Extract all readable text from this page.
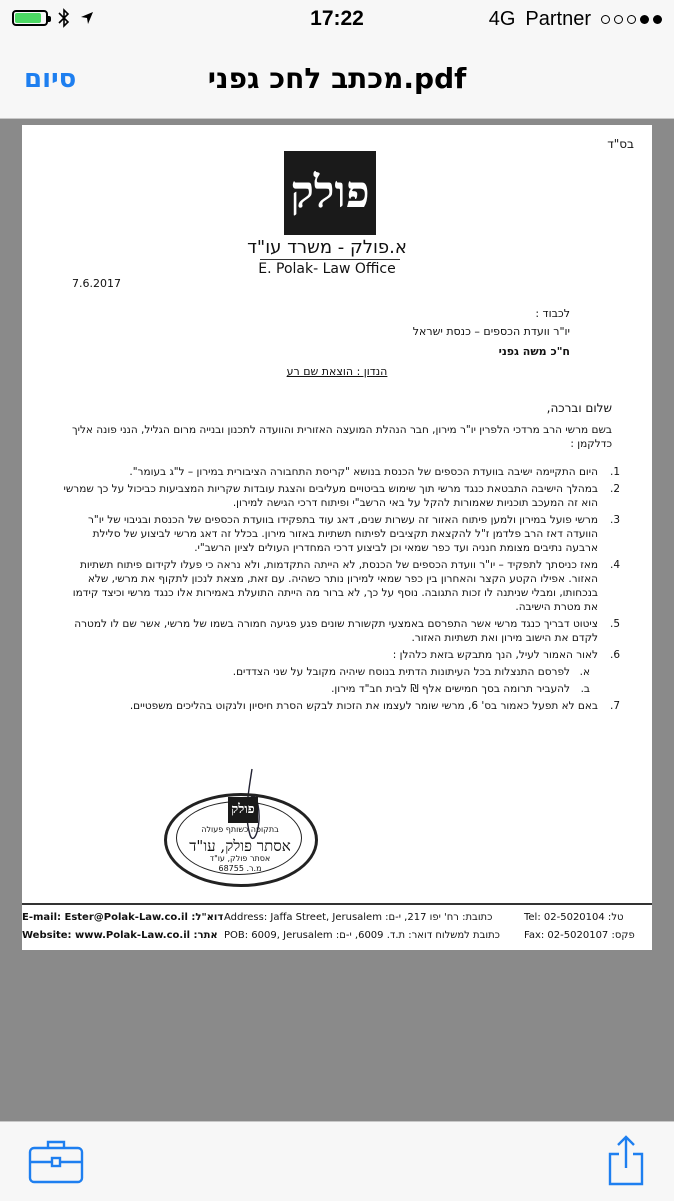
17:22	4G Partner
סיום	מכתב לחכ גפני.pdf
בס"ד
פולק
א.פולק - משרד עו"ד
E. Polak- Law Office
7.6.2017
לכבוד :
יו"ר וועדת הכספים – כנסת ישראל
ח"כ משה גפני
הנדון : הוצאת שם רע
שלום וברכה,
בשם מרשי הרב מרדכי הלפרין יו"ר מירון, חבר הנהלת המועצה האזורית והוועדה לתכנון ובנייה מרום הגליל, הנני פונה אליך כדלקמן :
1.
היום התקיימה ישיבה בוועדת הכספים של הכנסת בנושא "קריסת התחבורה הציבורית במירון – ל"ג בעומר".
2.
במהלך הישיבה התבטאת כנגד מרשי תוך שימוש בביטויים מעליבים והצגת עובדות שקריות המצביעות כביכול על כך שמרשי הוא זה המעכב תוכניות שאמורות להקל על באי הרשב"י ופיתוח דרכי הגישה למירון.
3.
מרשי פועל במירון ולמען פיתוח האזור זה עשרות שנים, דאג עוד בתפקידו בוועדת הכספים של הכנסת ובגיבוי של יו"ר הוועדה דאז הרב פלדמן ז"ל להקצאת תקציבים לפיתוח תשתיות באזור מירון. בכלל זה דאג מרשי לביצוע של סלילת ארבעה נתיבים מצומת חנניה ועד כפר שמאי וכן לביצוע דרכי המחדרין העולים לציון הרשב"י.
4.
מאז כניסתך לתפקיד – יו"ר וועדת הכספים של הכנסת, לא הייתה התקדמות, ולא נראה כי פעלו לקידום פיתוח תשתיות האזור. אפילו הקטע הקצר והאחרון בין כפר שמאי למירון נותר כשהיה. עם זאת, מצאת לנכון לתקוף את מרשי, שלא בנכחותו, ומבלי שניתנה לו זכות התגובה. נוסף על כך, לא ברור מה הייתה התועלת באמירות אלו כנגד מרשי וכיצד קידמו את מטרת הישיבה.
5.
ציטוט דבריך כנגד מרשי אשר התפרסם באמצעי תקשורת שונים פגע פגיעה חמורה בשמו של מרשי, אשר שם לו למטרה לקדם את הישוב מירון ואת תשתיות האזור.
6.
לאור האמור לעיל, הנך מתבקש בזאת כלהלן :
א.
לפרסם התנצלות בכל העיתונות הדתית בנוסח שיהיה מקובל על שני הצדדים.
ב.
להעביר תרומה בסך חמישים אלף ₪ לבית חב"ד מירון.
7.
באם לא תפעל כאמור בס' 6, מרשי שומר לעצמו את הזכות לבקש הסרת חיסיון ולנקוט בהליכים משפטיים.
פולק
בתקופה כשותף פעולה
אסתר פולק, עו"ד
אסתר פולק, עו"ד
מ.ר. 68755
E-mail: Ester@Polak-Law.co.il :דוא"ל
Website: www.Polak-Law.co.il :אתר
Address: Jaffa Street, Jerusalem :כתובת: רח' יפו 217, י-ם
POB: 6009, Jerusalem :כתובת למשלוח דואר: ת.ד. 6009, י-ם
Tel: 02-5020104 :טל
Fax: 02-5020107 :פקס
